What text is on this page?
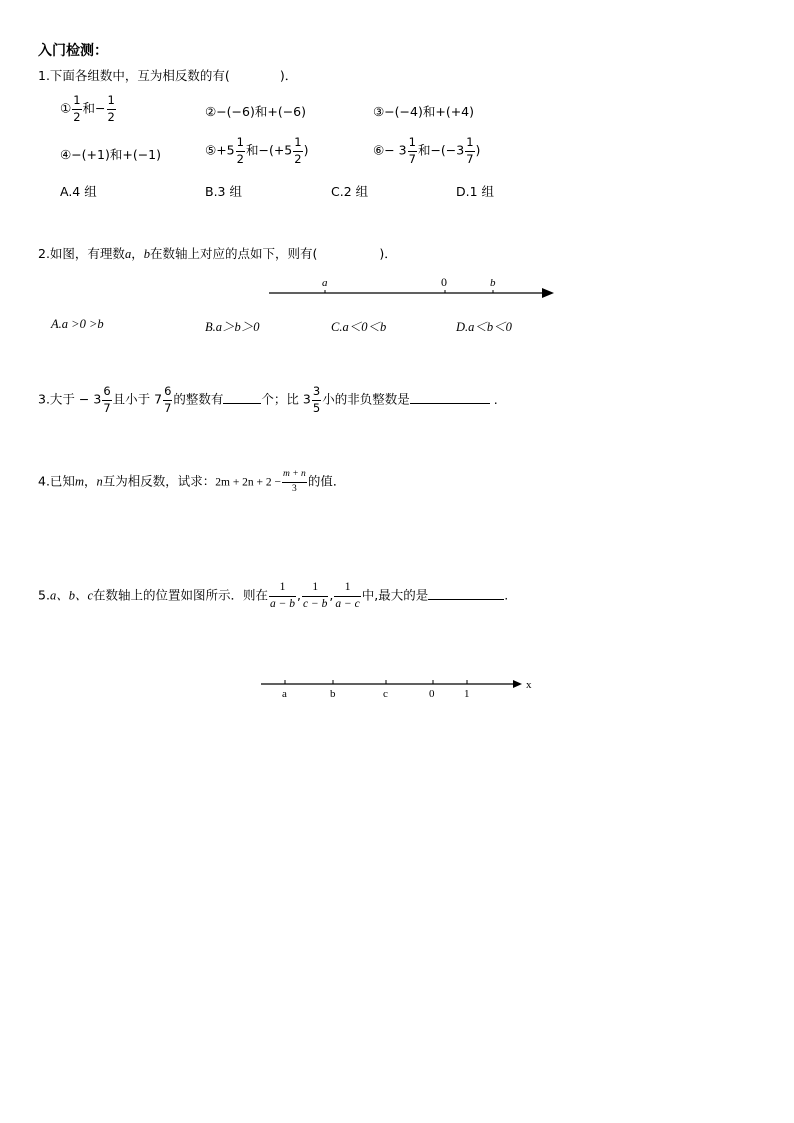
入门检测：
1.下面各组数中，互为相反数的有(	)．
① $\frac{1}{2}$ 和− $\frac{1}{2}$	②−(−6)和+(−6)	③−(−4)和+(+4)
④−(+1)和+(−1)	⑤+5 $\frac{1}{2}$ 和$-(+5 \frac{1}{2}$ )	⑥− $3 \frac{1}{7}$ 和$-(-3 \frac{1}{7}$ )
A.4 组	B.3 组	C.2 组	D.1 组
2.如图，有理数a，b在数轴上对应的点如下，则有(	)．
a	0	b
A.a >0 >b	B.a＞b＞0	C.a＜0＜b	D.a＜b＜0
3.大于 − $3 \frac{6}{7}$ 且小于 $7 \frac{6}{7}$ 的整数有	个；比 $3 \frac{3}{5}$ 小的非负整数是	.
4.已知m，n互为相反数，试求：$2m + 2n + 2 - \frac{m + n}{3}$ 的值．
5.a、b、c在数轴上的位置如图所示．则在 $\frac{1}{a - b}$ , $\frac{1}{c - b}$ , $\frac{1}{a - c}$ 中,最大的是	.
a	b	c	0	1
x
